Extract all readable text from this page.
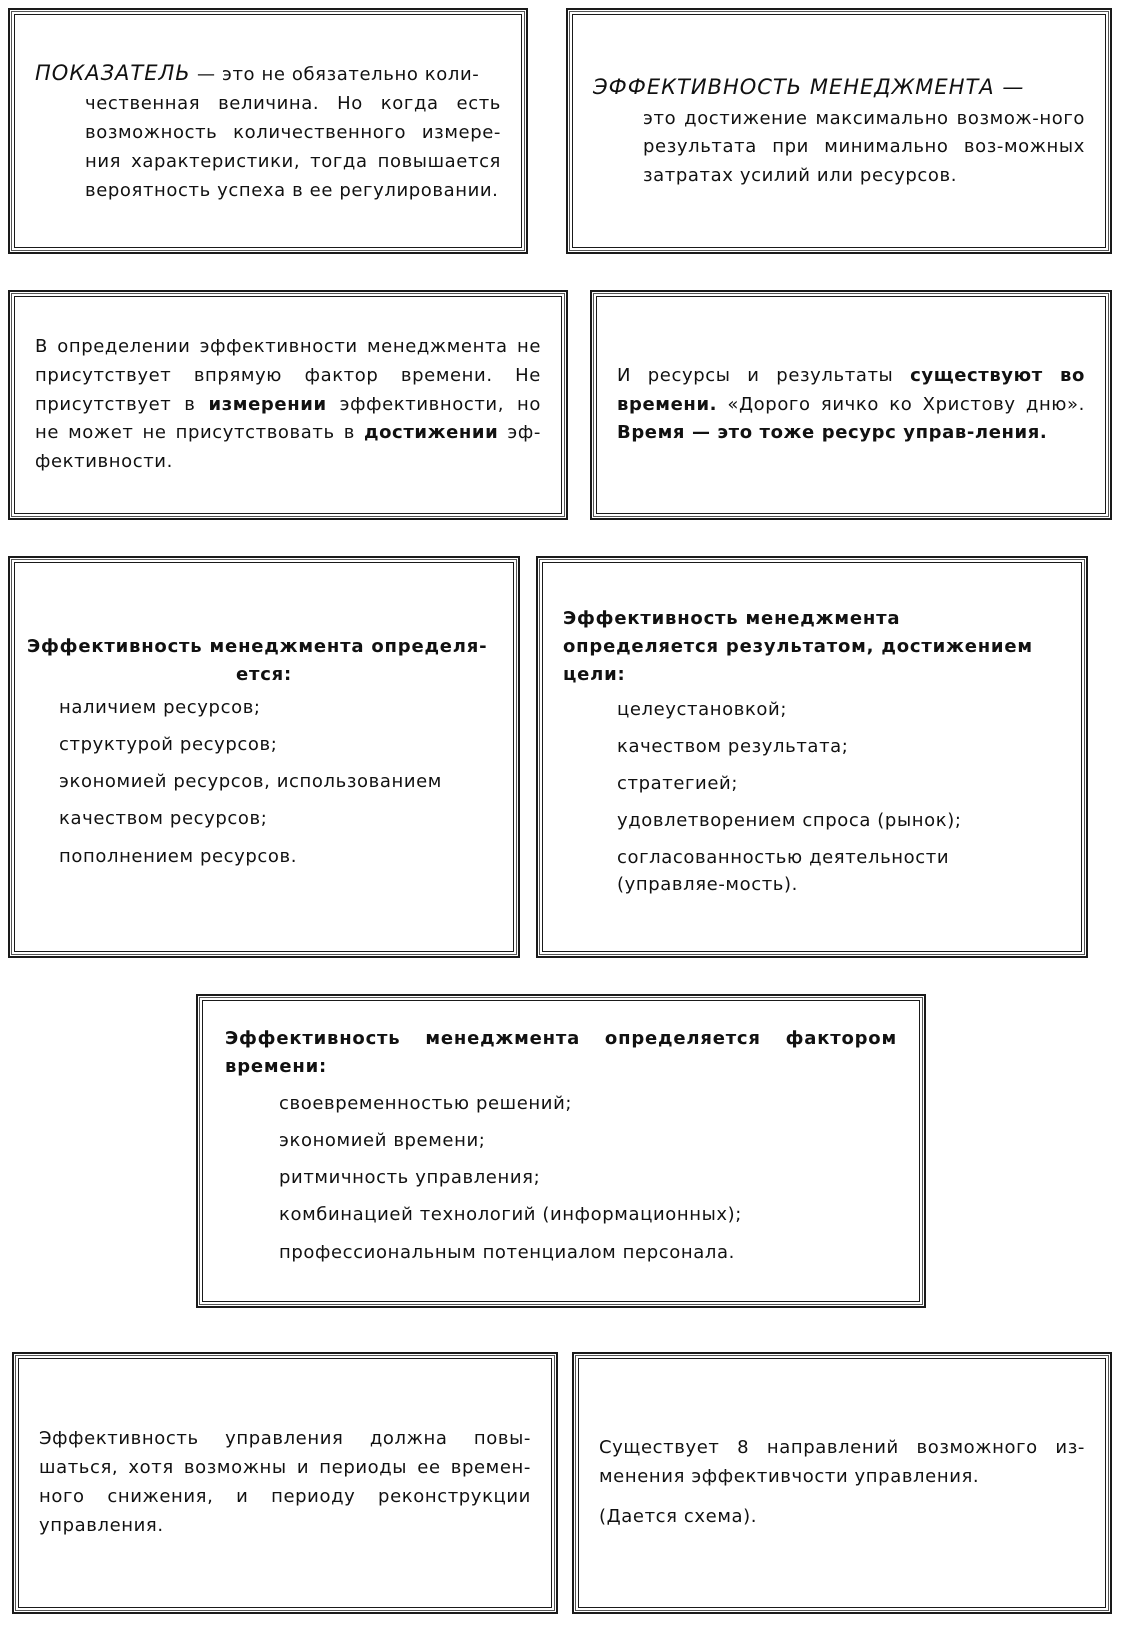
ПОКАЗАТЕЛЬ — это не обязательно коли-

чественная величина. Но когда есть возможность количественного измере-ния характеристики, тогда повышается вероятность успеха в ее регулировании.

ЭФФЕКТИВНОСТЬ МЕНЕДЖМЕНТА —

это достижение максимально возмож-ного результата при минимально воз-можных затратах усилий или ресурсов.

В определении эффективности менеджмента не присутствует впрямую фактор времени. Не присутствует в измерении эффективности, но не может не присутствовать в достижении эф-фективности.

И ресурсы и результаты существуют во времени. «Дорого яичко ко Христову дню». Время — это тоже ресурс управ-ления.

Эффективность менеджмента определя-

ется:

наличием ресурсов;
структурой ресурсов;
экономией ресурсов, использованием
качеством ресурсов;
пополнением ресурсов.

Эффективность менеджмента определяется результатом, достижением цели:

целеустановкой;
качеством результата;
стратегией;
удовлетворением спроса (рынок);
согласованностью деятельности (управляе-мость).

Эффективность менеджмента определяется фактором времени:

своевременностью решений;
экономией времени;
ритмичность управления;
комбинацией технологий (информационных);
профессиональным потенциалом персонала.

Эффективность управления должна повы-шаться, хотя возможны и периоды ее времен-ного снижения, и периоду реконструкции управления.

Существует 8 направлений возможного из-менения эффективчости управления.

(Дается схема).
